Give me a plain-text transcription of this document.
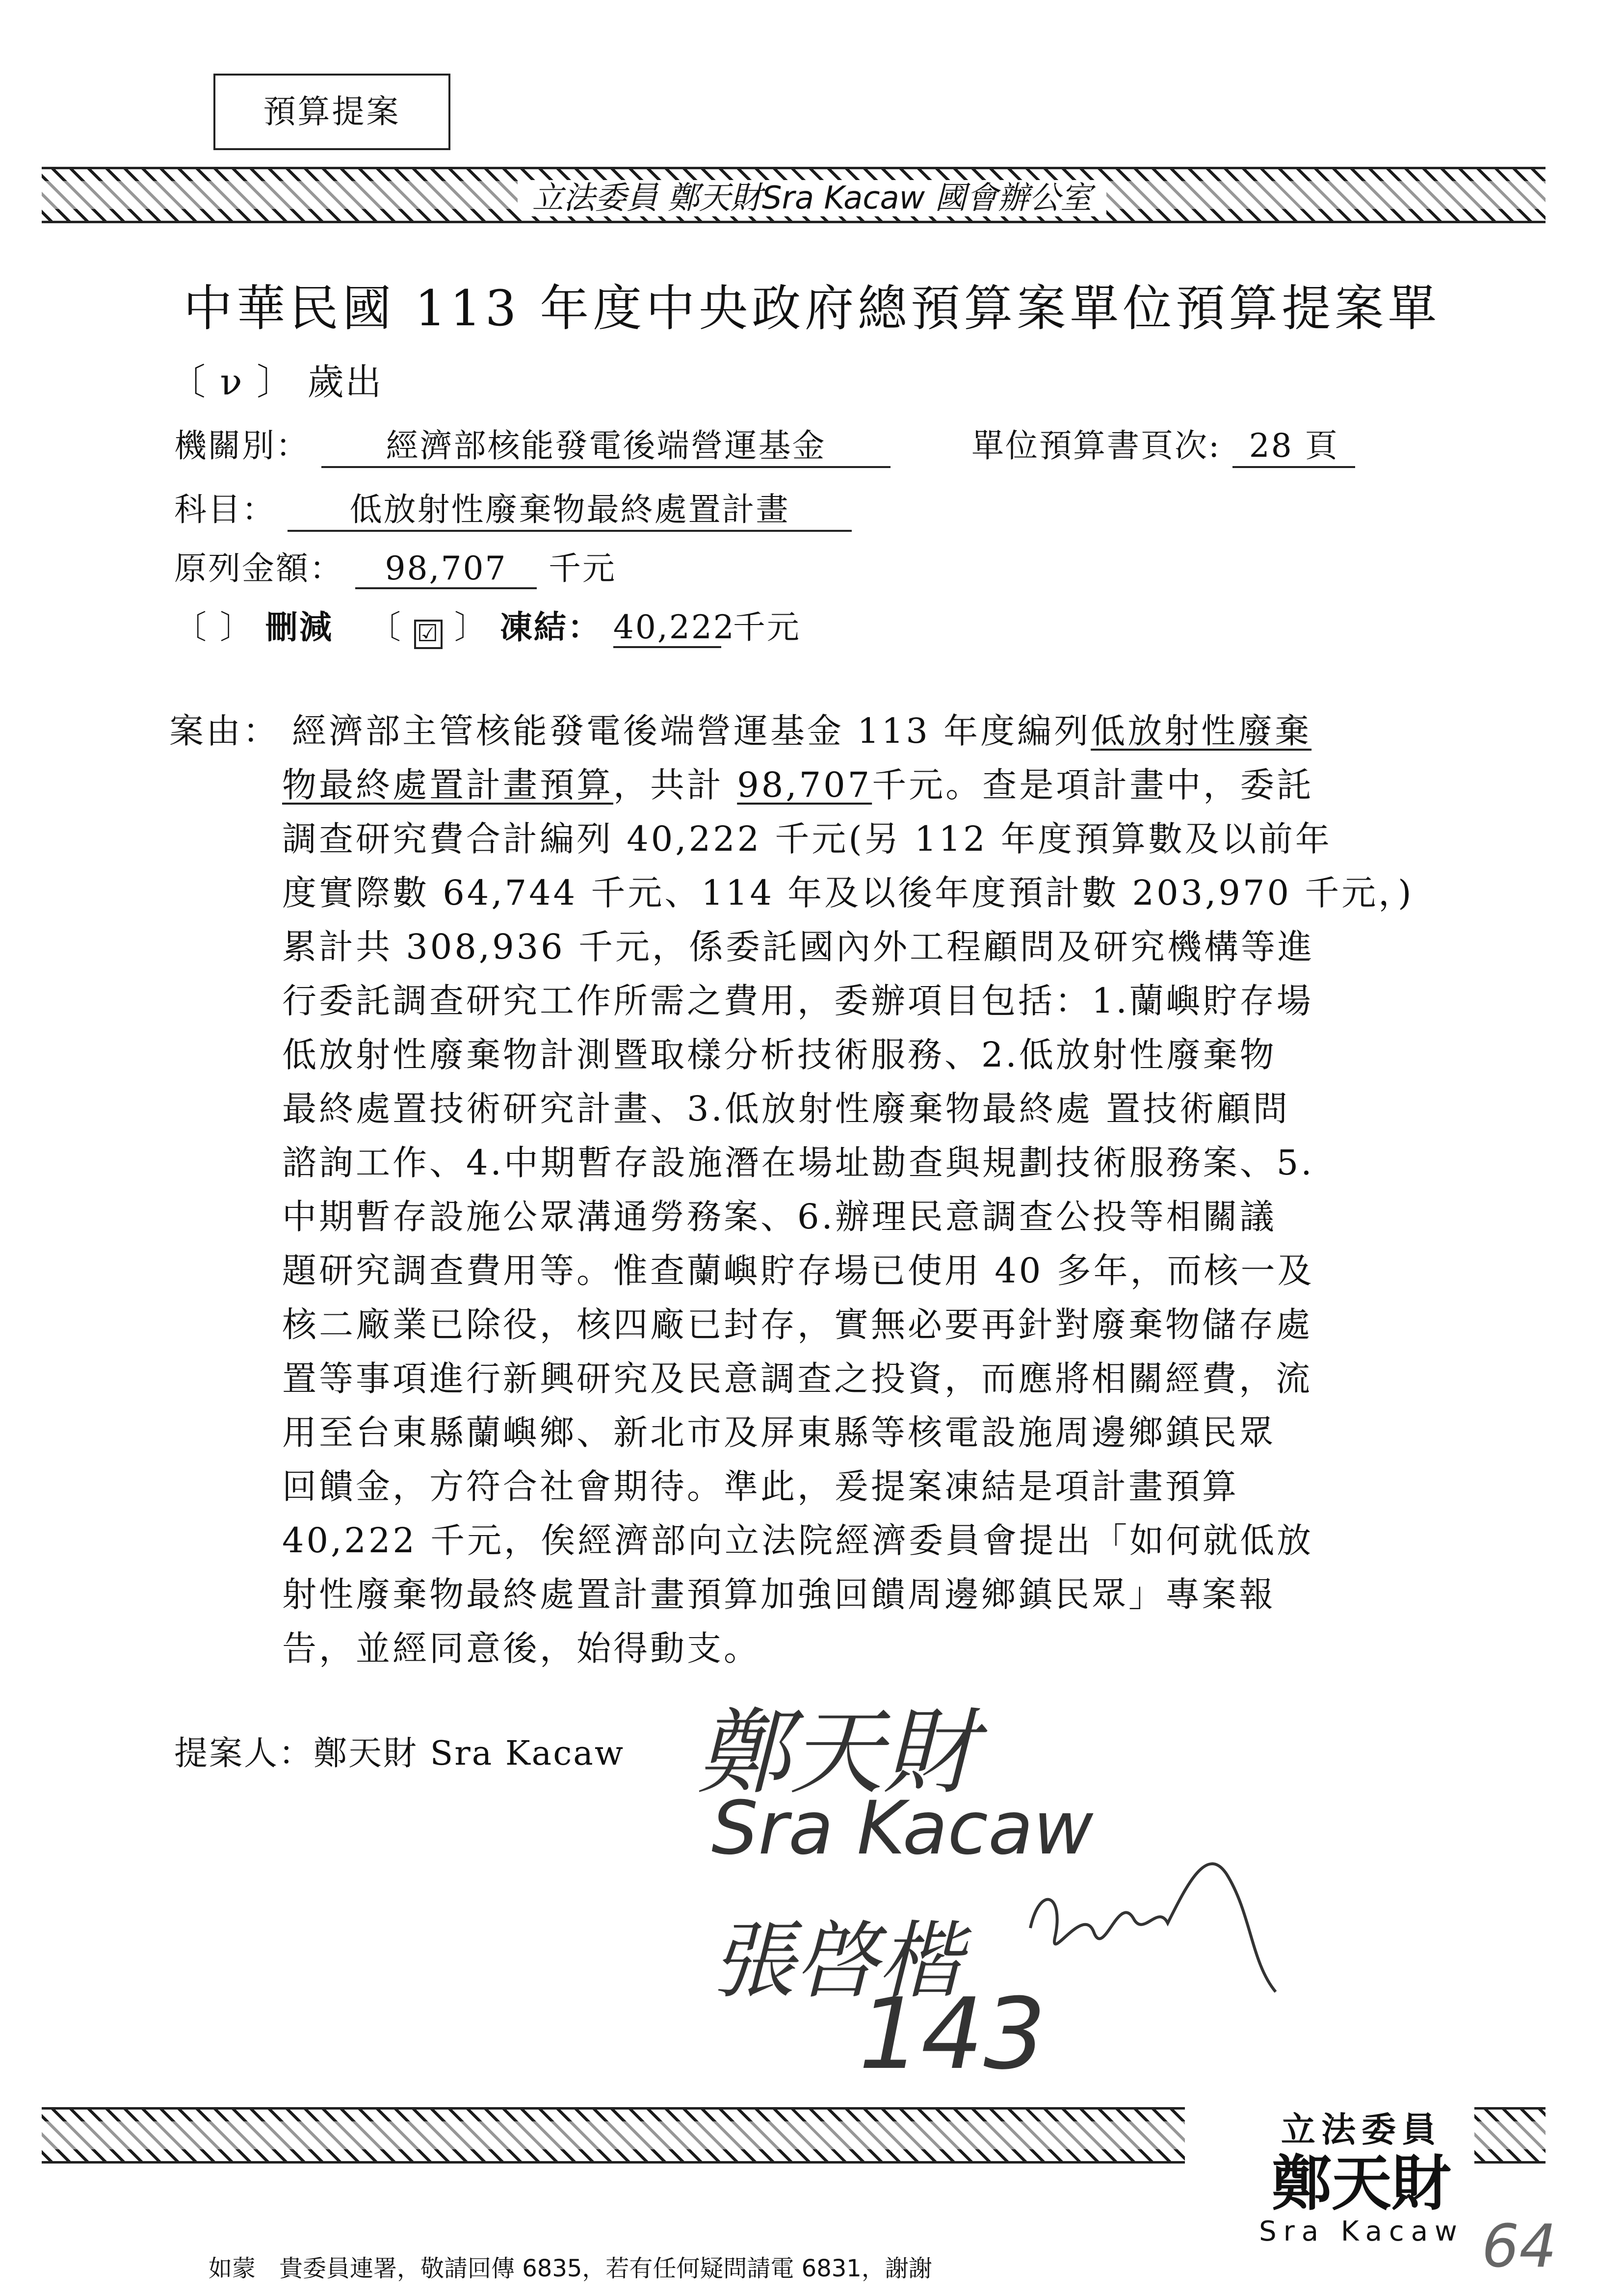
預算提案
立法委員 鄭天財Sra Kacaw 國會辦公室
中華民國 113 年度中央政府總預算案單位預算提案單
〔 ν 〕 歲出
機關別： 經濟部核能發電後端營運基金	單位預算書頁次: 28 頁
科目： 低放射性廢棄物最終處置計畫
原列金額： 98,707 千元
〔 〕 刪減 〔 ☑ 〕 凍結： 40,222 千元
案由： 經濟部主管核能發電後端營運基金 113 年度編列低放射性廢棄
物最終處置計畫預算，共計 98,707千元。查是項計畫中，委託
調查研究費合計編列 40,222 千元(另 112 年度預算數及以前年
度實際數 64,744 千元、114 年及以後年度預計數 203,970 千元，)
累計共 308,936 千元，係委託國內外工程顧問及研究機構等進
行委託調查研究工作所需之費用，委辦項目包括：1.蘭嶼貯存場
低放射性廢棄物計測暨取樣分析技術服務、2.低放射性廢棄物
最終處置技術研究計畫、3.低放射性廢棄物最終處 置技術顧問
諮詢工作、4.中期暫存設施潛在場址勘查與規劃技術服務案、5.
中期暫存設施公眾溝通勞務案、6.辦理民意調查公投等相關議
題研究調查費用等。惟查蘭嶼貯存場已使用 40 多年，而核一及
核二廠業已除役，核四廠已封存，實無必要再針對廢棄物儲存處
置等事項進行新興研究及民意調查之投資，而應將相關經費，流
用至台東縣蘭嶼鄉、新北市及屏東縣等核電設施周邊鄉鎮民眾
回饋金，方符合社會期待。準此，爰提案凍結是項計畫預算
40,222 千元，俟經濟部向立法院經濟委員會提出「如何就低放
射性廢棄物最終處置計畫預算加強回饋周邊鄉鎮民眾」專案報
告，並經同意後，始得動支。
提案人：鄭天財 Sra Kacaw 鄭天財
Sra Kacaw
張啓楷
143
立法委員
鄭天財
Sra Kacaw 64
如蒙　貴委員連署，敬請回傳 6835，若有任何疑問請電 6831，謝謝
